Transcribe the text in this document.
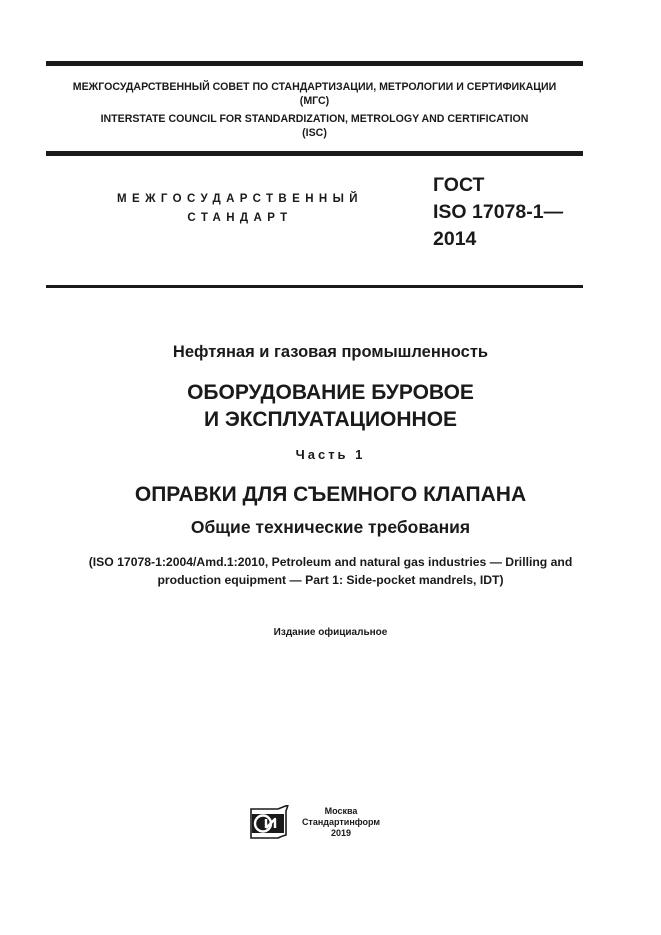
МЕЖГОСУДАРСТВЕННЫЙ СОВЕТ ПО СТАНДАРТИЗАЦИИ, МЕТРОЛОГИИ И СЕРТИФИКАЦИИ
(МГС)
INTERSTATE COUNCIL FOR STANDARDIZATION, METROLOGY AND CERTIFICATION
(ISC)
МЕЖГОСУДАРСТВЕННЫЙ
СТАНДАРТ
ГОСТ
ISO 17078-1—
2014
Нефтяная и газовая промышленность
ОБОРУДОВАНИЕ БУРОВОЕ
И ЭКСПЛУАТАЦИОННОЕ
Часть 1
ОПРАВКИ ДЛЯ СЪЕМНОГО КЛАПАНА
Общие технические требования
(ISO 17078-1:2004/Amd.1:2010, Petroleum and natural gas industries — Drilling and
production equipment — Part 1: Side-pocket mandrels, IDT)
Издание официальное
Москва
Стандартинформ
2019
